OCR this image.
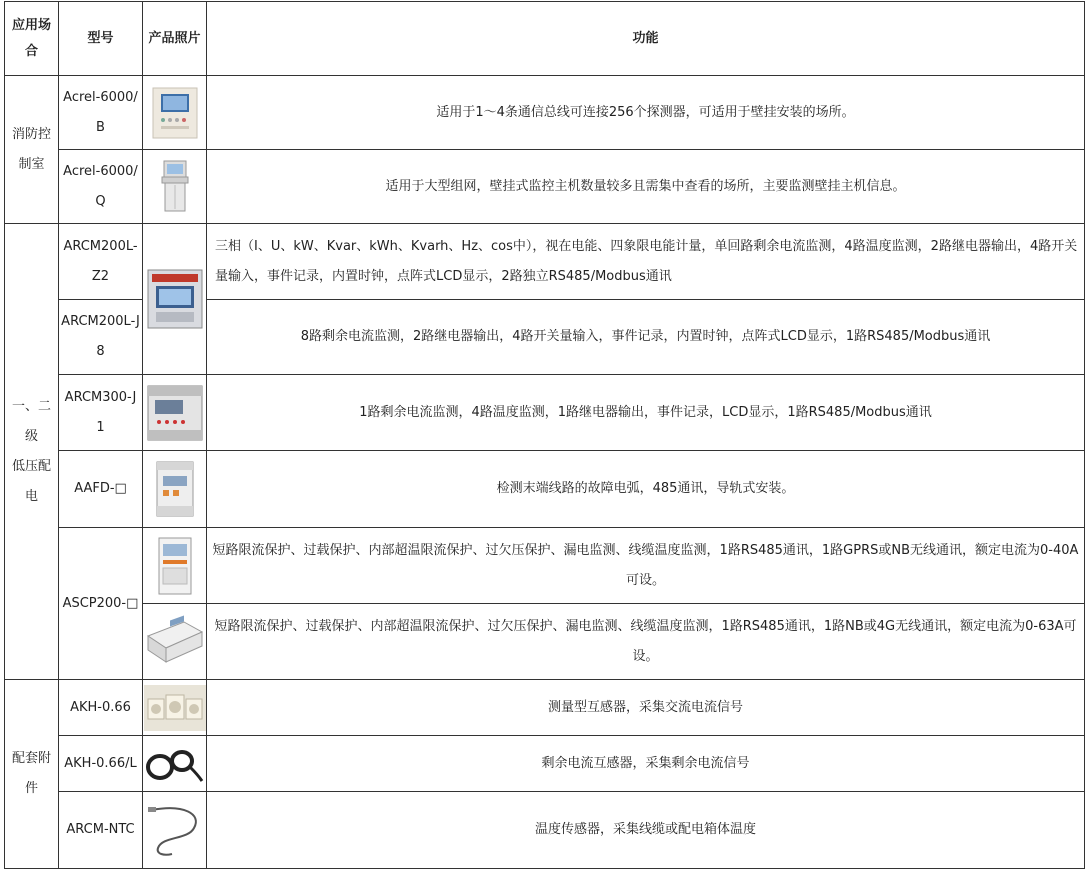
应用场合	型号	产品照片	功能
消防控制室	Acrel-6000/B		适用于1～4条通信总线可连接256个探测器，可适用于壁挂安装的场所。
	Acrel-6000/Q		适用于大型组网，壁挂式监控主机数量较多且需集中查看的场所，主要监测壁挂主机信息。
一、二级
低压配电	ARCM200L-Z2		三相（I、U、kW、Kvar、kWh、Kvarh、Hz、cos中），视在电能、四象限电能计量，单回路剩余电流监测，4路温度监测，2路继电器输出，4路开关量输入，事件记录，内置时钟，点阵式LCD显示，2路独立RS485/Modbus通讯
	ARCM200L-J8		8路剩余电流监测，2路继电器输出，4路开关量输入，事件记录，内置时钟，点阵式LCD显示，1路RS485/Modbus通讯
	ARCM300-J1		1路剩余电流监测，4路温度监测，1路继电器输出，事件记录，LCD显示，1路RS485/Modbus通讯
	AAFD-□		检测末端线路的故障电弧，485通讯，导轨式安装。
	ASCP200-□		短路限流保护、过载保护、内部超温限流保护、过欠压保护、漏电监测、线缆温度监测，1路RS485通讯，1路GPRS或NB无线通讯，额定电流为0-40A可设。

	短路限流保护、过载保护、内部超温限流保护、过欠压保护、漏电监测、线缆温度监测，1路RS485通讯，1路NB或4G无线通讯，额定电流为0-63A可设。
配套附件	AKH-0.66		测量型互感器，采集交流电流信号
	AKH-0.66/L		剩余电流互感器，采集剩余电流信号
	ARCM-NTC		温度传感器，采集线缆或配电箱体温度
